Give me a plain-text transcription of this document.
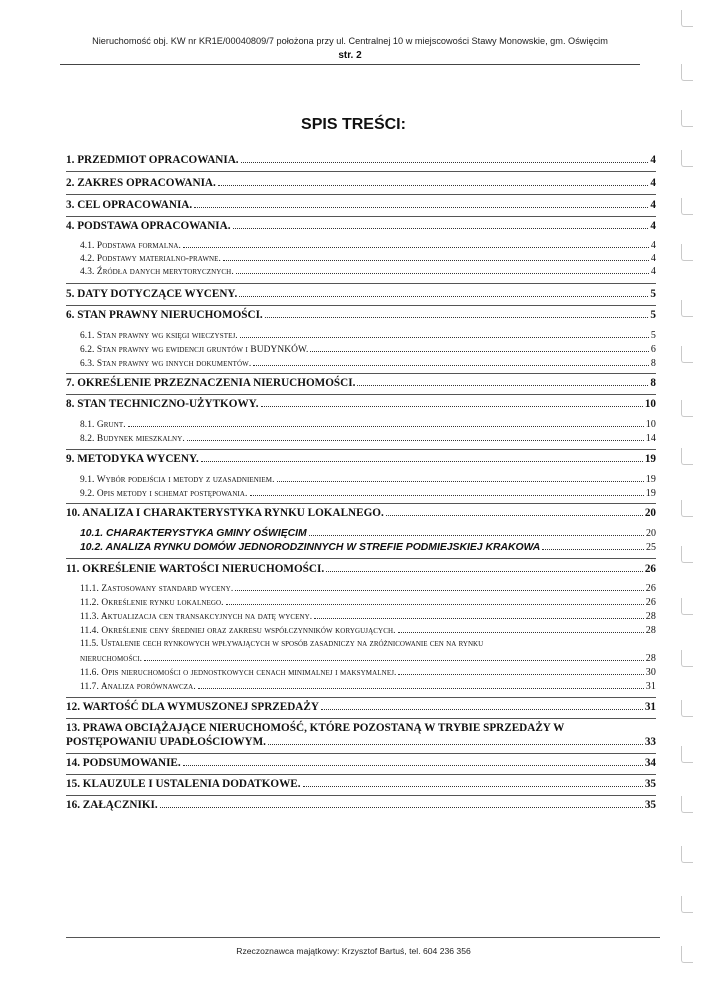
Nieruchomość obj. KW nr KR1E/00040809/7 położona przy ul. Centralnej 10 w miejscowości Stawy Monowskie, gm. Oświęcim
str. 2
SPIS TREŚCI:
1. PRZEDMIOT OPRACOWANIA.	4
2. ZAKRES OPRACOWANIA.	4
3. CEL OPRACOWANIA.	4
4. PODSTAWA OPRACOWANIA.	4
4.1. Podstawa formalna.	4
4.2. Podstawy materialno-prawne.	4
4.3. Źródła danych merytorycznych.	4
5. DATY DOTYCZĄCE WYCENY.	5
6. STAN PRAWNY NIERUCHOMOŚCI.	5
6.1. Stan prawny wg księgi wieczystej.	5
6.2. Stan prawny wg ewidencji gruntów i BUDYNKÓW.	6
6.3. Stan prawny wg innych dokumentów.	8
7. OKREŚLENIE PRZEZNACZENIA NIERUCHOMOŚCI.	8
8. STAN TECHNICZNO-UŻYTKOWY.	10
8.1. Grunt.	10
8.2. Budynek mieszkalny.	14
9. METODYKA WYCENY.	19
9.1. Wybór podejścia i metody z uzasadnieniem.	19
9.2. Opis metody i schemat postępowania.	19
10. ANALIZA I CHARAKTERYSTYKA RYNKU LOKALNEGO.	20
10.1. CHARAKTERYSTYKA GMINY OŚWIĘCIM	20
10.2. ANALIZA RYNKU DOMÓW JEDNORODZINNYCH W STREFIE PODMIEJSKIEJ KRAKOWA	25
11. OKREŚLENIE WARTOŚCI NIERUCHOMOŚCI.	26
11.1. Zastosowany standard wyceny.	26
11.2. Określenie rynku lokalnego.	26
11.3. Aktualizacja cen transakcyjnych na datę wyceny.	28
11.4. Określenie ceny średniej oraz zakresu współczynników korygujących.	28
11.5. Ustalenie cech rynkowych wpływających w sposób zasadniczy na zróżnicowanie cen na rynku
nieruchomości.	28
11.6. Opis nieruchomości o jednostkowych cenach minimalnej i maksymalnej.	30
11.7. Analiza porównawcza.	31
12. WARTOŚĆ DLA WYMUSZONEJ SPRZEDAŻY	31
13. PRAWA OBCIĄŻAJĄCE NIERUCHOMOŚĆ, KTÓRE POZOSTANĄ W TRYBIE SPRZEDAŻY W
POSTĘPOWANIU UPADŁOŚCIOWYM.	33
14. PODSUMOWANIE.	34
15. KLAUZULE I USTALENIA DODATKOWE.	35
16. ZAŁĄCZNIKI.	35
Rzeczoznawca majątkowy: Krzysztof Bartuś, tel. 604 236 356
